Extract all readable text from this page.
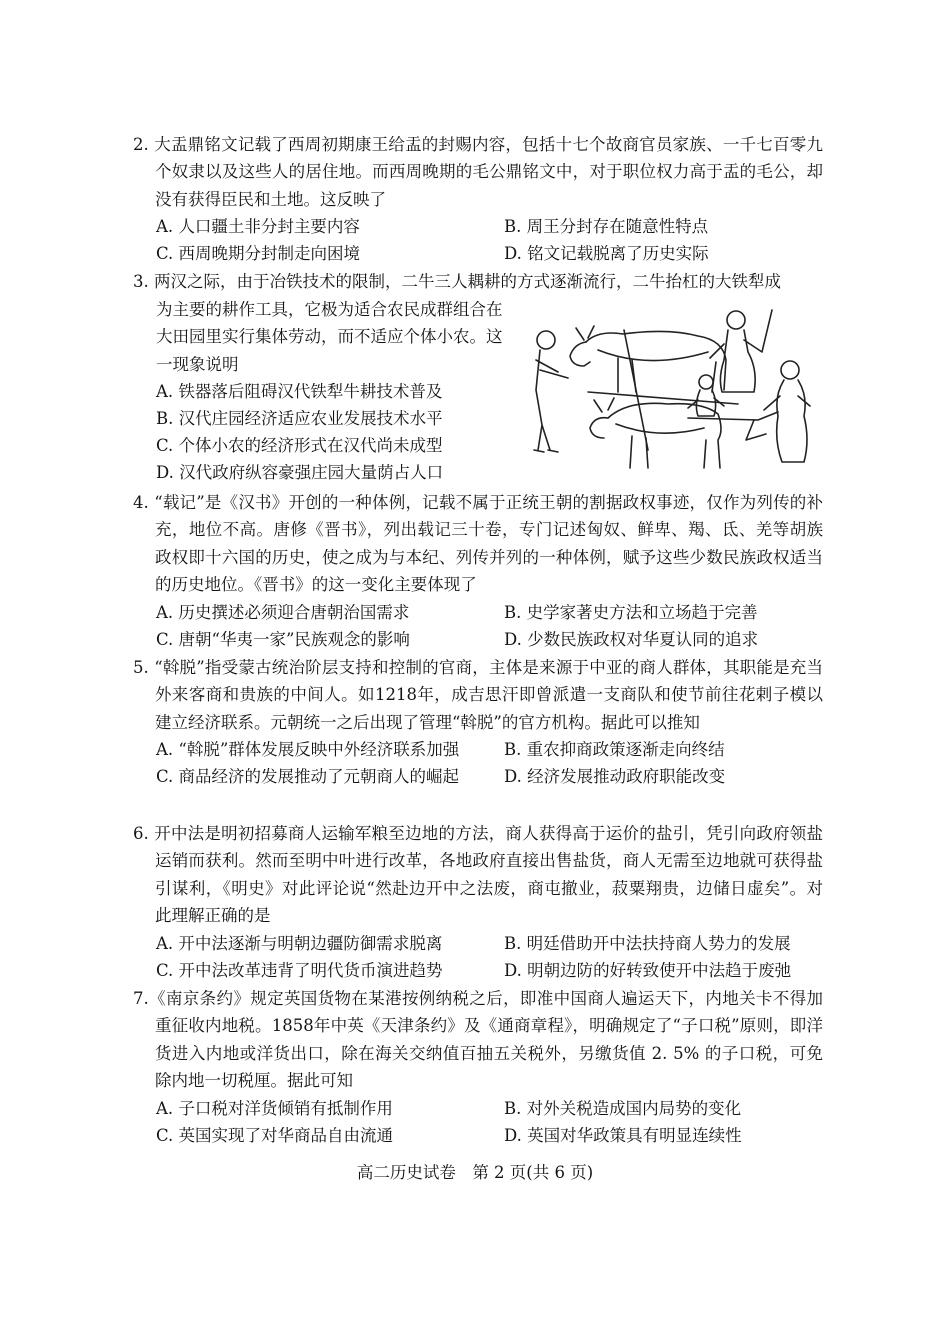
2. 大盂鼎铭文记载了西周初期康王给盂的封赐内容，包括十七个故商官员家族、一千七百零九个奴隶以及这些人的居住地。而西周晚期的毛公鼎铭文中，对于职位权力高于盂的毛公，却没有获得臣民和土地。这反映了

A. 人口疆土非分封主要内容	B. 周王分封存在随意性特点
C. 西周晚期分封制走向困境	D. 铭文记载脱离了历史实际
3. 两汉之际，由于冶铁技术的限制，二牛三人耦耕的方式逐渐流行，二牛抬杠的大铁犁成
为主要的耕作工具，它极为适合农民成群组合在大田园里实行集体劳动，而不适应个体小农。这一现象说明
A. 铁器落后阻碍汉代铁犁牛耕技术普及
B. 汉代庄园经济适应农业发展技术水平
C. 个体小农的经济形式在汉代尚未成型
D. 汉代政府纵容豪强庄园大量荫占人口

4. “载记”是《汉书》开创的一种体例，记载不属于正统王朝的割据政权事迹，仅作为列传的补充，地位不高。唐修《晋书》，列出载记三十卷，专门记述匈奴、鲜卑、羯、氐、羌等胡族政权即十六国的历史，使之成为与本纪、列传并列的一种体例，赋予这些少数民族政权适当的历史地位。《晋书》的这一变化主要体现了

A. 历史撰述必须迎合唐朝治国需求	B. 史学家著史方法和立场趋于完善
C. 唐朝“华夷一家”民族观念的影响	D. 少数民族政权对华夏认同的追求

5. “斡脱”指受蒙古统治阶层支持和控制的官商，主体是来源于中亚的商人群体，其职能是充当外来客商和贵族的中间人。如1218年，成吉思汗即曾派遣一支商队和使节前往花剌子模以建立经济联系。元朝统一之后出现了管理“斡脱”的官方机构。据此可以推知

A. “斡脱”群体发展反映中外经济联系加强	B. 重农抑商政策逐渐走向终结
C. 商品经济的发展推动了元朝商人的崛起	D. 经济发展推动政府职能改变

6. 开中法是明初招募商人运输军粮至边地的方法，商人获得高于运价的盐引，凭引向政府领盐运销而获利。然而至明中叶进行改革，各地政府直接出售盐货，商人无需至边地就可获得盐引谋利，《明史》对此评论说“然赴边开中之法废，商屯撤业，菽粟翔贵，边储日虚矣”。对此理解正确的是

A. 开中法逐渐与明朝边疆防御需求脱离	B. 明廷借助开中法扶持商人势力的发展
C. 开中法改革违背了明代货币演进趋势	D. 明朝边防的好转致使开中法趋于废弛

7.《南京条约》规定英国货物在某港按例纳税之后，即准中国商人遍运天下，内地关卡不得加重征收内地税。1858年中英《天津条约》及《通商章程》，明确规定了“子口税”原则，即洋货进入内地或洋货出口，除在海关交纳值百抽五关税外，另缴货值 2. 5% 的子口税，可免除内地一切税厘。据此可知

A. 子口税对洋货倾销有抵制作用	B. 对外关税造成国内局势的变化
C. 英国实现了对华商品自由流通	D. 英国对华政策具有明显连续性
高二历史试卷　第 2 页(共 6 页)
